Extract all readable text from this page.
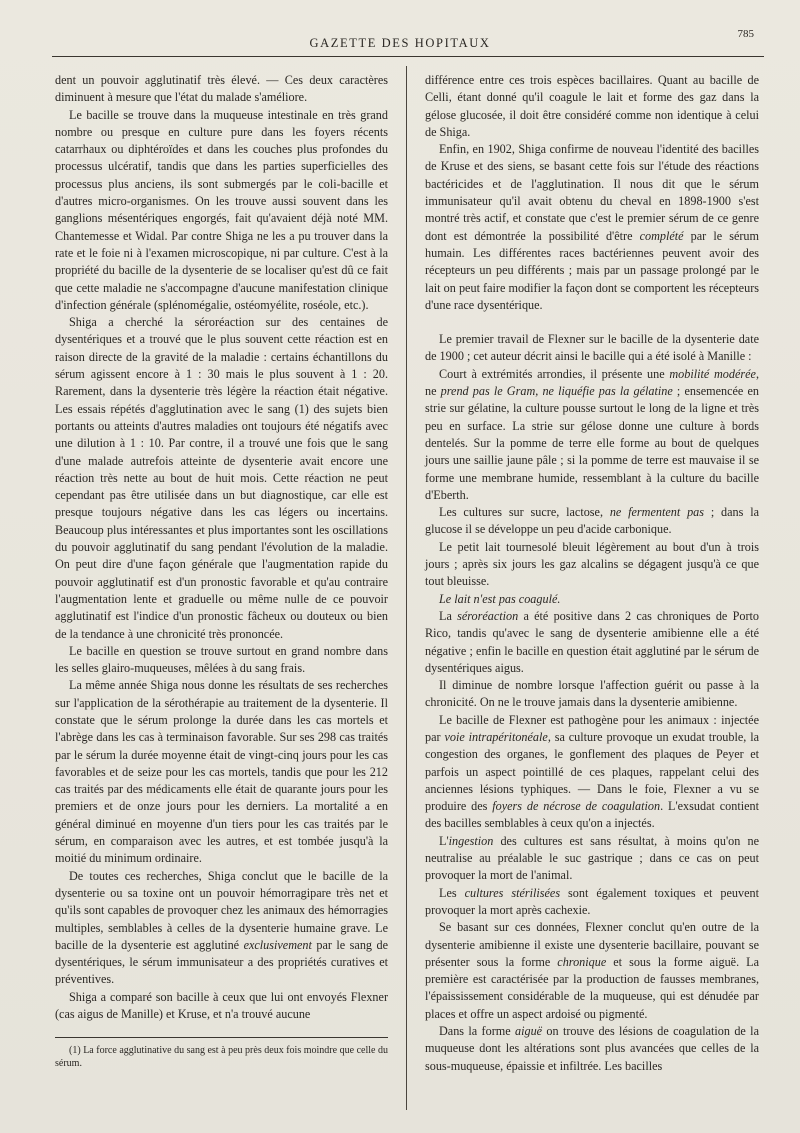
GAZETTE DES HOPITAUX
785

dent un pouvoir agglutinatif très élevé. — Ces deux caractères diminuent à mesure que l'état du malade s'améliore.

Le bacille se trouve dans la muqueuse intestinale en très grand nombre ou presque en culture pure dans les foyers récents catarrhaux ou diphtéroïdes et dans les couches plus profondes du processus ulcératif, tandis que dans les parties superficielles des processus plus anciens, ils sont submergés par le coli-bacille et d'autres micro-organismes. On les trouve aussi souvent dans les ganglions mésentériques engorgés, fait qu'avaient déjà noté MM. Chantemesse et Widal. Par contre Shiga ne les a pu trouver dans la rate et le foie ni à l'examen microscopique, ni par culture. C'est à la propriété du bacille de la dysenterie de se localiser qu'est dû ce fait que cette maladie ne s'accompagne d'aucune manifestation clinique d'infection générale (splénomégalie, ostéomyélite, roséole, etc.).

Shiga a cherché la séroréaction sur des centaines de dysentériques et a trouvé que le plus souvent cette réaction est en raison directe de la gravité de la maladie : certains échantillons du sérum agissent encore à 1 : 30 mais le plus souvent à 1 : 20. Rarement, dans la dysenterie très légère la réaction était négative. Les essais répétés d'agglutination avec le sang (1) des sujets bien portants ou atteints d'autres maladies ont toujours été négatifs avec une dilution à 1 : 10. Par contre, il a trouvé une fois que le sang d'une malade autrefois atteinte de dysenterie avait encore une réaction très nette au bout de huit mois. Cette réaction ne peut cependant pas être utilisée dans un but diagnostique, car elle est presque toujours négative dans les cas légers ou incertains. Beaucoup plus intéressantes et plus importantes sont les oscillations du pouvoir agglutinatif du sang pendant l'évolution de la maladie. On peut dire d'une façon générale que l'augmentation rapide du pouvoir agglutinatif est d'un pronostic favorable et qu'au contraire l'augmentation lente et graduelle ou même nulle de ce pouvoir agglutinatif est l'indice d'un pronostic fâcheux ou douteux ou bien de la tendance à une chronicité très prononcée.

Le bacille en question se trouve surtout en grand nombre dans les selles glairo-muqueuses, mêlées à du sang frais.

La même année Shiga nous donne les résultats de ses recherches sur l'application de la sérothérapie au traitement de la dysenterie. Il constate que le sérum prolonge la durée dans les cas mortels et l'abrège dans les cas à terminaison favorable. Sur ses 298 cas traités par le sérum la durée moyenne était de vingt-cinq jours pour les cas favorables et de seize pour les cas mortels, tandis que pour les 212 cas traités par des médicaments elle était de quarante jours pour les premiers et de onze jours pour les derniers. La mortalité a en général diminué en moyenne d'un tiers pour les cas traités par le sérum, en comparaison avec les autres, et est tombée jusqu'à la moitié du minimum ordinaire.

De toutes ces recherches, Shiga conclut que le bacille de la dysenterie ou sa toxine ont un pouvoir hémorragipare très net et qu'ils sont capables de provoquer chez les animaux des hémorragies multiples, semblables à celles de la dysenterie humaine grave. Le bacille de la dysenterie est agglutiné exclusivement par le sang de dysentériques, le sérum immunisateur a des propriétés curatives et préventives.

Shiga a comparé son bacille à ceux que lui ont envoyés Flexner (cas aigus de Manille) et Kruse, et n'a trouvé aucune

(1) La force agglutinative du sang est à peu près deux fois moindre que celle du sérum.

différence entre ces trois espèces bacillaires. Quant au bacille de Celli, étant donné qu'il coagule le lait et forme des gaz dans la gélose glucosée, il doit être considéré comme non identique à celui de Shiga.

Enfin, en 1902, Shiga confirme de nouveau l'identité des bacilles de Kruse et des siens, se basant cette fois sur l'étude des réactions bactéricides et de l'agglutination. Il nous dit que le sérum immunisateur qu'il avait obtenu du cheval en 1898-1900 s'est montré très actif, et constate que c'est le premier sérum de ce genre dont est démontrée la possibilité d'être complété par le sérum humain. Les différentes races bactériennes peuvent avoir des récepteurs un peu différents ; mais par un passage prolongé par le lait on peut faire modifier la façon dont se comportent les récepteurs d'une race dysentérique.

Le premier travail de Flexner sur le bacille de la dysenterie date de 1900 ; cet auteur décrit ainsi le bacille qui a été isolé à Manille :

Court à extrémités arrondies, il présente une mobilité modérée, ne prend pas le Gram, ne liquéfie pas la gélatine ; ensemencée en strie sur gélatine, la culture pousse surtout le long de la ligne et très peu en surface. La strie sur gélose donne une culture à bords dentelés. Sur la pomme de terre elle forme au bout de quelques jours une saillie jaune pâle ; si la pomme de terre est mauvaise il se forme une membrane humide, ressemblant à la culture du bacille d'Eberth.

Les cultures sur sucre, lactose, ne fermentent pas ; dans la glucose il se développe un peu d'acide carbonique.

Le petit lait tournesolé bleuit légèrement au bout d'un à trois jours ; après six jours les gaz alcalins se dégagent jusqu'à ce que tout bleuisse.

Le lait n'est pas coagulé.

La séroréaction a été positive dans 2 cas chroniques de Porto Rico, tandis qu'avec le sang de dysenterie amibienne elle a été négative ; enfin le bacille en question était agglutiné par le sérum de dysentériques aigus.

Il diminue de nombre lorsque l'affection guérit ou passe à la chronicité. On ne le trouve jamais dans la dysenterie amibienne.

Le bacille de Flexner est pathogène pour les animaux : injectée par voie intrapéritonéale, sa culture provoque un exudat trouble, la congestion des organes, le gonflement des plaques de Peyer et parfois un aspect pointillé de ces plaques, rappelant celui des anciennes lésions typhiques. — Dans le foie, Flexner a vu se produire des foyers de nécrose de coagulation. L'exsudat contient des bacilles semblables à ceux qu'on a injectés.

L'ingestion des cultures est sans résultat, à moins qu'on ne neutralise au préalable le suc gastrique ; dans ce cas on peut provoquer la mort de l'animal.

Les cultures stérilisées sont également toxiques et peuvent provoquer la mort après cachexie.

Se basant sur ces données, Flexner conclut qu'en outre de la dysenterie amibienne il existe une dysenterie bacillaire, pouvant se présenter sous la forme chronique et sous la forme aiguë. La première est caractérisée par la production de fausses membranes, l'épaississement considérable de la muqueuse, qui est dénudée par places et offre un aspect ardoisé ou pigmenté.

Dans la forme aiguë on trouve des lésions de coagulation de la muqueuse dont les altérations sont plus avancées que celles de la sous-muqueuse, épaissie et infiltrée. Les bacilles
